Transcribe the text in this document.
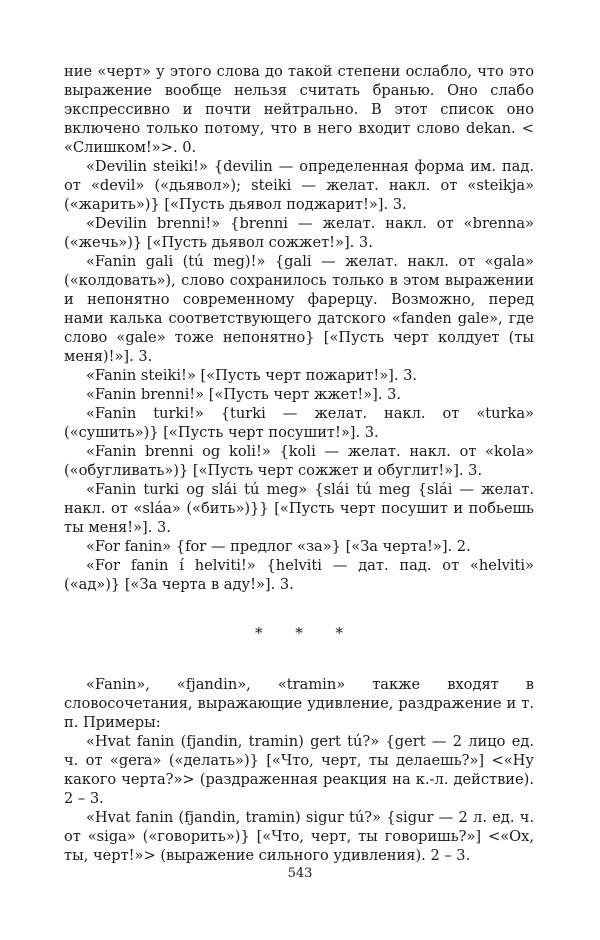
ние «черт» у этого слова до такой степени ослабло, что это выражение вообще нельзя считать бранью. Оно слабо экспрессивно и почти нейтрально. В этот список оно включено только потому, что в него входит слово dekan. < «Слишком!»>. 0.

«Devilin steiki!» {devilin — определенная форма им. пад. от «devil» («дьявол»); steiki — желат. накл. от «steikja» («жарить»)} [«Пусть дьявол поджарит!»]. 3.

«Devilin brenni!» {brenni — желат. накл. от «brenna» («жечь»)} [«Пусть дьявол сожжет!»]. 3.

«Fanin gali (tú meg)!» {gali — желат. накл. от «gala» («колдовать»), слово сохранилось только в этом выражении и непонятно современному фарерцу. Возможно, перед нами калька соответствующего датского «fanden gale», где слово «gale» тоже непонятно} [«Пусть черт колдует (ты меня)!»]. 3.

«Fanin steiki!» [«Пусть черт пожарит!»]. 3.

«Fanin brenni!» [«Пусть черт жжет!»]. 3.

«Fanin turki!» {turki — желат. накл. от «turka» («сушить»)} [«Пусть черт посушит!»]. 3.

«Fanin brenni og koli!» {koli — желат. накл. от «kola» («обугливать»)} [«Пусть черт сожжет и обуглит!»]. 3.

«Fanin turki og slái tú meg» {slái tú meg {slái — желат. накл. от «sláa» («бить»)}} [«Пусть черт посушит и побьешь ты меня!»]. 3.

«For fanin» {for — предлог «за»} [«За черта!»]. 2.

«For fanin í helviti!» {helviti — дат. пад. от «helviti» («ад»)} [«За черта в аду!»]. 3.

* * *

«Fanin», «fjandin», «tramin» также входят в словосочетания, выражающие удивление, раздражение и т. п. Примеры:

«Hvat fanin (fjandin, tramin) gert tú?» {gert — 2 лицо ед. ч. от «gera» («делать»)} [«Что, черт, ты делаешь?»] <«Ну какого черта?»> (раздраженная реакция на к.-л. действие). 2 – 3.

«Hvat fanin (fjandin, tramin) sigur tú?» {sigur — 2 л. ед. ч. от «siga» («говорить»)} [«Что, черт, ты говоришь?»] <«Ох, ты, черт!»> (выражение сильного удивления). 2 – 3.

543
